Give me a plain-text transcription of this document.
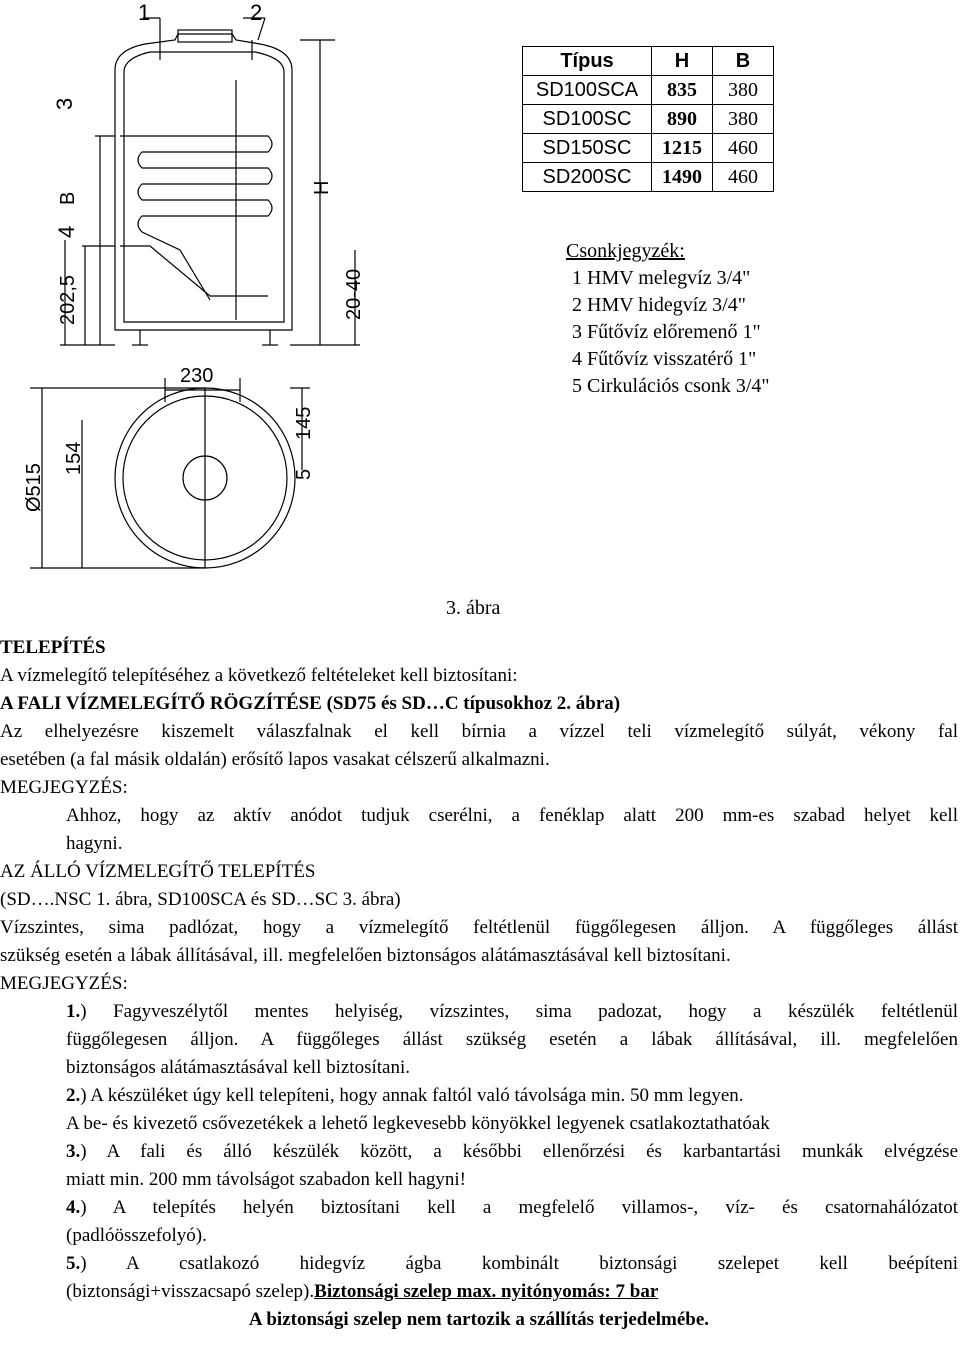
1	2
3
B
4
202,5
H
20-40
230
145
5
154
Ø515
Típus	H	B
SD100SCA	835	380
SD100SC	890	380
SD150SC	1215	460
SD200SC	1490	460
Csonkjegyzék:
1 HMV melegvíz 3/4"
2 HMV hidegvíz 3/4"
3 Fűtővíz előremenő 1"
4 Fűtővíz visszatérő 1"
5 Cirkulációs csonk 3/4"
3. ábra

TELEPÍTÉS

A vízmelegítő telepítéséhez a következő feltételeket kell biztosítani:

A FALI VÍZMELEGÍTŐ RÖGZÍTÉSE (SD75 és SD…C típusokhoz 2. ábra)

Az elhelyezésre kiszemelt válaszfalnak el kell bírnia a vízzel teli vízmelegítő súlyát, vékony fal

esetében (a fal másik oldalán) erősítő lapos vasakat célszerű alkalmazni.

MEGJEGYZÉS:

Ahhoz, hogy az aktív anódot tudjuk cserélni, a fenéklap alatt 200 mm-es szabad helyet kell

hagyni.

AZ ÁLLÓ VÍZMELEGÍTŐ TELEPÍTÉS

(SD….NSC 1. ábra, SD100SCA és SD…SC 3. ábra)

Vízszintes, sima padlózat, hogy a vízmelegítő feltétlenül függőlegesen álljon. A függőleges állást

szükség esetén a lábak állításával, ill. megfelelően biztonságos alátámasztásával kell biztosítani.

MEGJEGYZÉS:

1.) Fagyveszélytől mentes helyiség, vízszintes, sima padozat, hogy a készülék feltétlenül

függőlegesen álljon. A függőleges állást szükség esetén a lábak állításával, ill. megfelelően

biztonságos alátámasztásával kell biztosítani.

2.) A készüléket úgy kell telepíteni, hogy annak faltól való távolsága min. 50 mm legyen.

A be- és kivezető csővezetékek a lehető legkevesebb könyökkel legyenek csatlakoztathatóak

3.) A fali és álló készülék között, a későbbi ellenőrzési és karbantartási munkák elvégzése

miatt min. 200 mm távolságot szabadon kell hagyni!

4.) A telepítés helyén biztosítani kell a megfelelő villamos-, víz- és csatornahálózatot

(padlóösszefolyó).

5.) A csatlakozó hidegvíz ágba kombinált biztonsági szelepet kell beépíteni

(biztonsági+visszacsapó szelep).Biztonsági szelep max. nyitónyomás: 7 bar

A biztonsági szelep nem tartozik a szállítás terjedelmébe.
